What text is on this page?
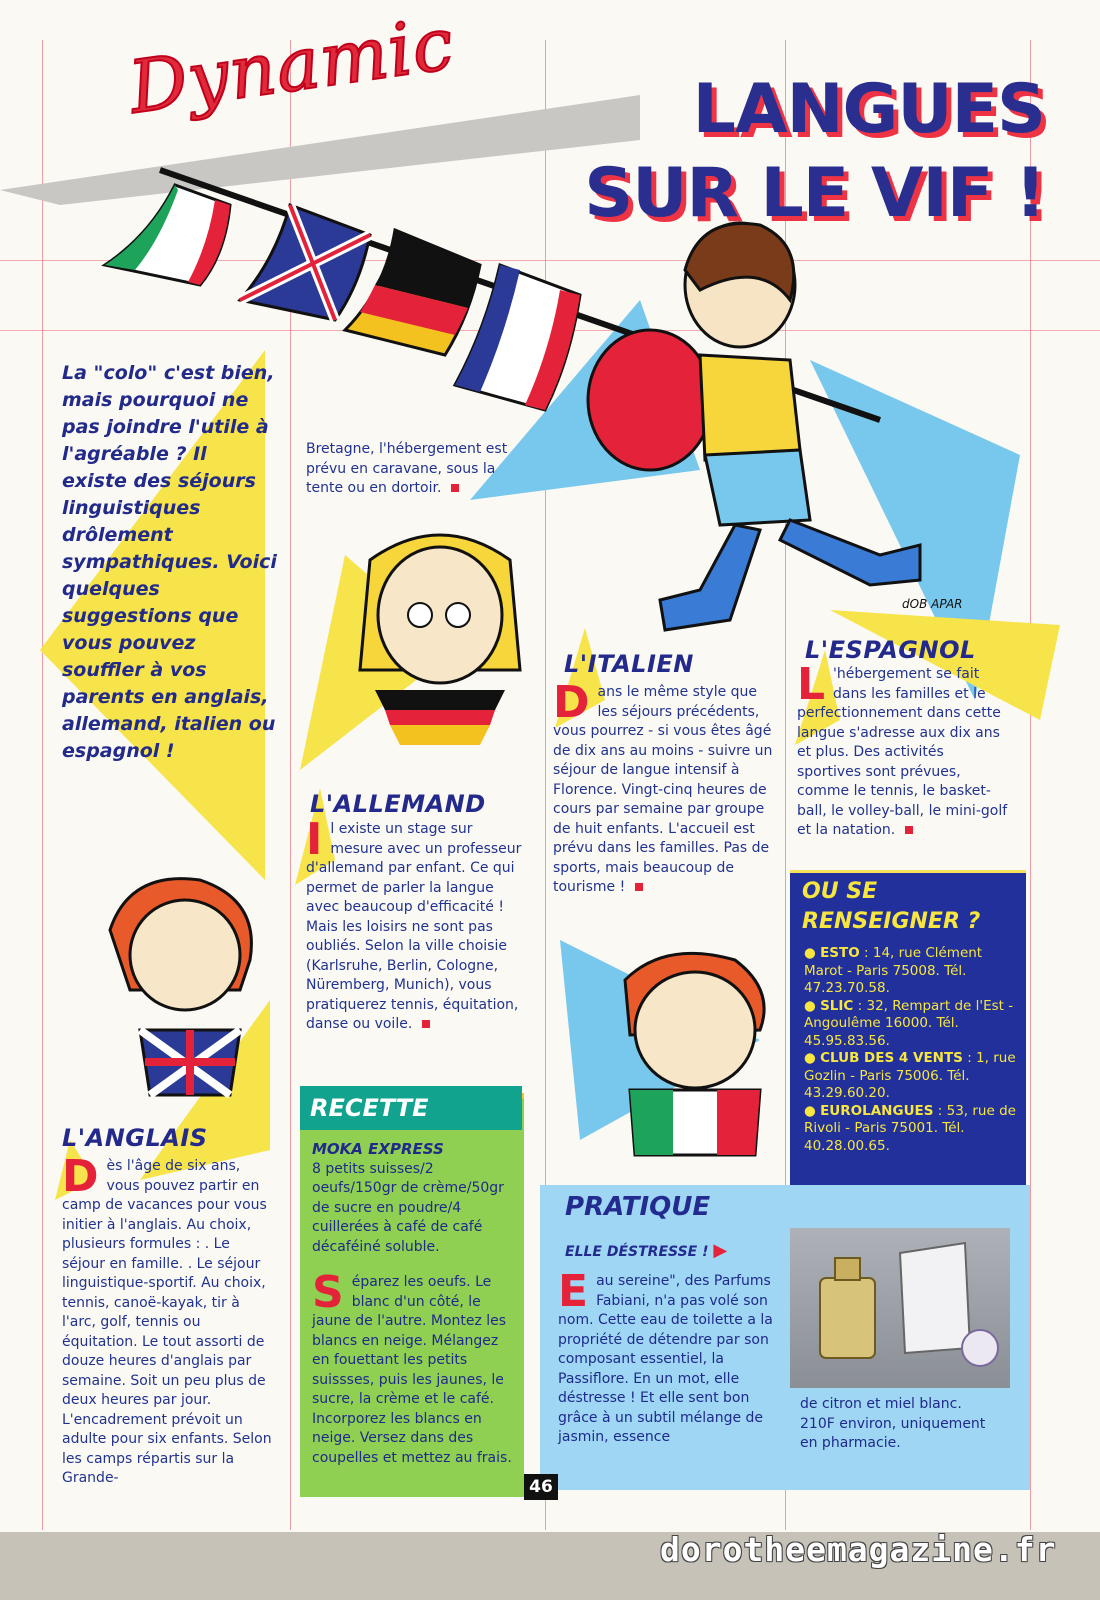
dOB APAR
Dynamic	LANGUES
SUR LE VIF !
La "colo" c'est bien, mais pourquoi ne pas joindre l'utile à l'agréable ? Il existe des séjours linguistiques drôlement sympathiques. Voici quelques suggestions que vous pouvez souffler à vos parents en anglais, allemand, italien ou espagnol !
Bretagne, l'hébergement est prévu en caravane, sous la tente ou en dortoir.
L'ANGLAIS
Dès l'âge de six ans, vous pouvez partir en camp de vacances pour vous initier à l'anglais. Au choix, plusieurs formules : . Le séjour en famille. . Le séjour linguistique-sportif. Au choix, tennis, canoë-kayak, tir à l'arc, golf, tennis ou équitation. Le tout assorti de douze heures d'anglais par semaine. Soit un peu plus de deux heures par jour. L'encadrement prévoit un adulte pour six enfants. Selon les camps répartis sur la Grande-
L'ALLEMAND
Il existe un stage sur mesure avec un professeur d'allemand par enfant. Ce qui permet de parler la langue avec beaucoup d'efficacité ! Mais les loisirs ne sont pas oubliés. Selon la ville choisie (Karlsruhe, Berlin, Cologne, Nüremberg, Munich), vous pratiquerez tennis, équitation, danse ou voile.
L'ITALIEN
Dans le même style que les séjours précédents, vous pourrez - si vous êtes âgé de dix ans au moins - suivre un séjour de langue intensif à Florence. Vingt-cinq heures de cours par semaine par groupe de huit enfants. L'accueil est prévu dans les familles. Pas de sports, mais beaucoup de tourisme !
L'ESPAGNOL
L 'hébergement se fait dans les familles et le perfectionnement dans cette langue s'adresse aux dix ans et plus. Des activités sportives sont prévues, comme le tennis, le basket-ball, le volley-ball, le mini-golf et la natation.
RECETTE
MOKA EXPRESS
8 petits suisses/2 oeufs/150gr de crème/50gr de sucre en poudre/4 cuillerées à café de café décaféiné soluble.
S éparez les oeufs. Le blanc d'un côté, le jaune de l'autre. Montez les blancs en neige. Mélangez en fouettant les petits suissses, puis les jaunes, le sucre, la crème et le café. Incorporez les blancs en neige. Versez dans des coupelles et mettez au frais.
OU SE RENSEIGNER ?
● ESTO : 14, rue Clément Marot - Paris 75008. Tél. 47.23.70.58.
● SLIC : 32, Rempart de l'Est - Angoulême 16000. Tél. 45.95.83.56.
● CLUB DES 4 VENTS : 1, rue Gozlin - Paris 75006. Tél. 43.29.60.20.
● EUROLANGUES : 53, rue de Rivoli - Paris 75001. Tél. 40.28.00.65.
PRATIQUE
ELLE DÉSTRESSE ! ▶
Eau sereine", des Parfums Fabiani, n'a pas volé son nom. Cette eau de toilette a la propriété de détendre par son composant essentiel, la Passiflore. En un mot, elle déstresse ! Et elle sent bon grâce à un subtil mélange de jasmin, essence
de citron et miel blanc. 210F environ, uniquement en pharmacie.
46
dorotheemagazine.fr
